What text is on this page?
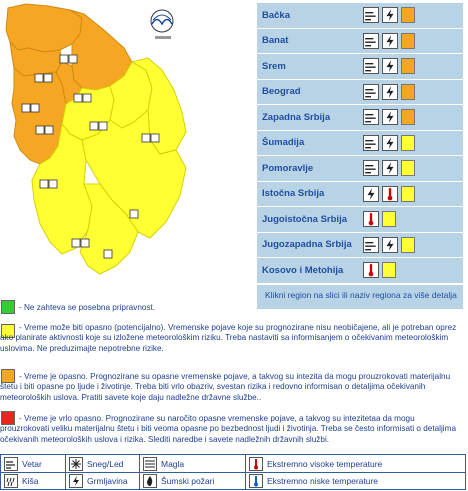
Bačka
Banat
Srem
Beograd
Zapadna Srbija
Šumadija
Pomoravlje
Istočna Srbija
Jugoistočna Srbija
Jugozapadna Srbija
Kosovo i Metohija
Klikni region na slici ili naziv regiona za više detalja
- Ne zahteva se posebna pripravnost.
- Vreme može biti opasno (potencijalno). Vremenske pojave koje su prognozirane nisu neobičajene, ali je potreban oprez ako planirate aktivnosti koje su izložene meteorološkim riziku. Treba nastaviti sa informisanjem o očekivanim meteorološkim uslovima. Ne preduzimajte nepotrebne rizike.
- Vreme je opasno. Prognozirane su opasne vremenske pojave, a takvog su intezita da mogu prouzrokovati materijalnu štetu i biti opasne po ljude i životinje. Treba biti vrlo obazriv, svestan rizika i redovno informisan o detaljima očekivanih meteoroloških uslova. Pratiti savete koje daju nadležne državne službe..
- Vreme je vrlo opasno. Prognozirane su naročito opasne vremenske pojave, a takvog su intezitetaa da mogu prouzrokovati veliku materijalnu štetu i biti veoma opasne po bezbednost ljudi i životinja. Treba se često informisati o detaljima očekivanih meteoroloških uslova i rizika. Slediti naredbe i savete nadležnih državnih službi.
Vetar	Sneg/Led	Magla	Ekstremno visoke temperature
Kiša	Grmljavina	Šumski požari	Ekstremno niske temperature
